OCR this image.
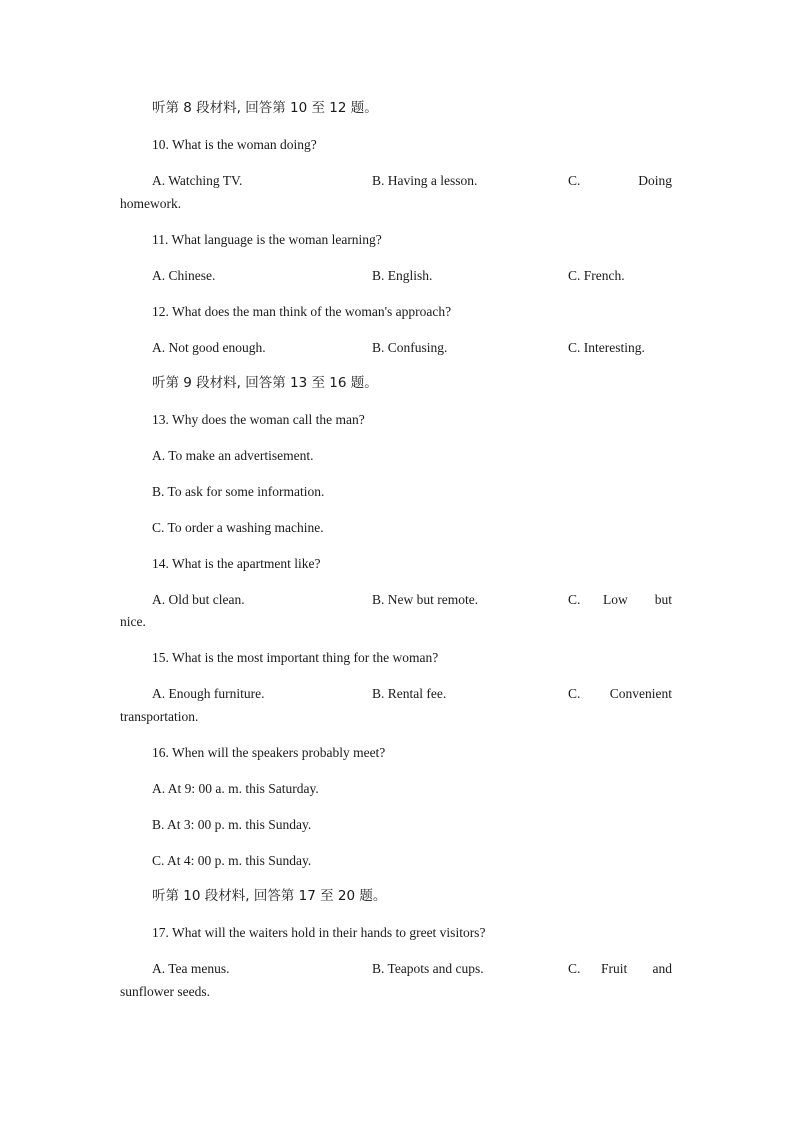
听第 8 段材料, 回答第 10 至 12 题。
10. What is the woman doing?
A. Watching TV.	B. Having a lesson.	C.	Doing
homework.
11. What language is the woman learning?
A. Chinese.	B. English.	C. French.
12. What does the man think of the woman's approach?
A. Not good enough.	B. Confusing.	C. Interesting.
听第 9 段材料, 回答第 13 至 16 题。
13. Why does the woman call the man?
A. To make an advertisement.
B. To ask for some information.
C. To order a washing machine.
14. What is the apartment like?
A. Old but clean.	B. New but remote.	C. Low but
nice.
15. What is the most important thing for the woman?
A. Enough furniture.	B. Rental fee.	C. Convenient
transportation.
16. When will the speakers probably meet?
A. At 9: 00 a. m. this Saturday.
B. At 3: 00 p. m. this Sunday.
C. At 4: 00 p. m. this Sunday.
听第 10 段材料, 回答第 17 至 20 题。
17. What will the waiters hold in their hands to greet visitors?
A. Tea menus.	B. Teapots and cups.	C. Fruit and
sunflower seeds.
